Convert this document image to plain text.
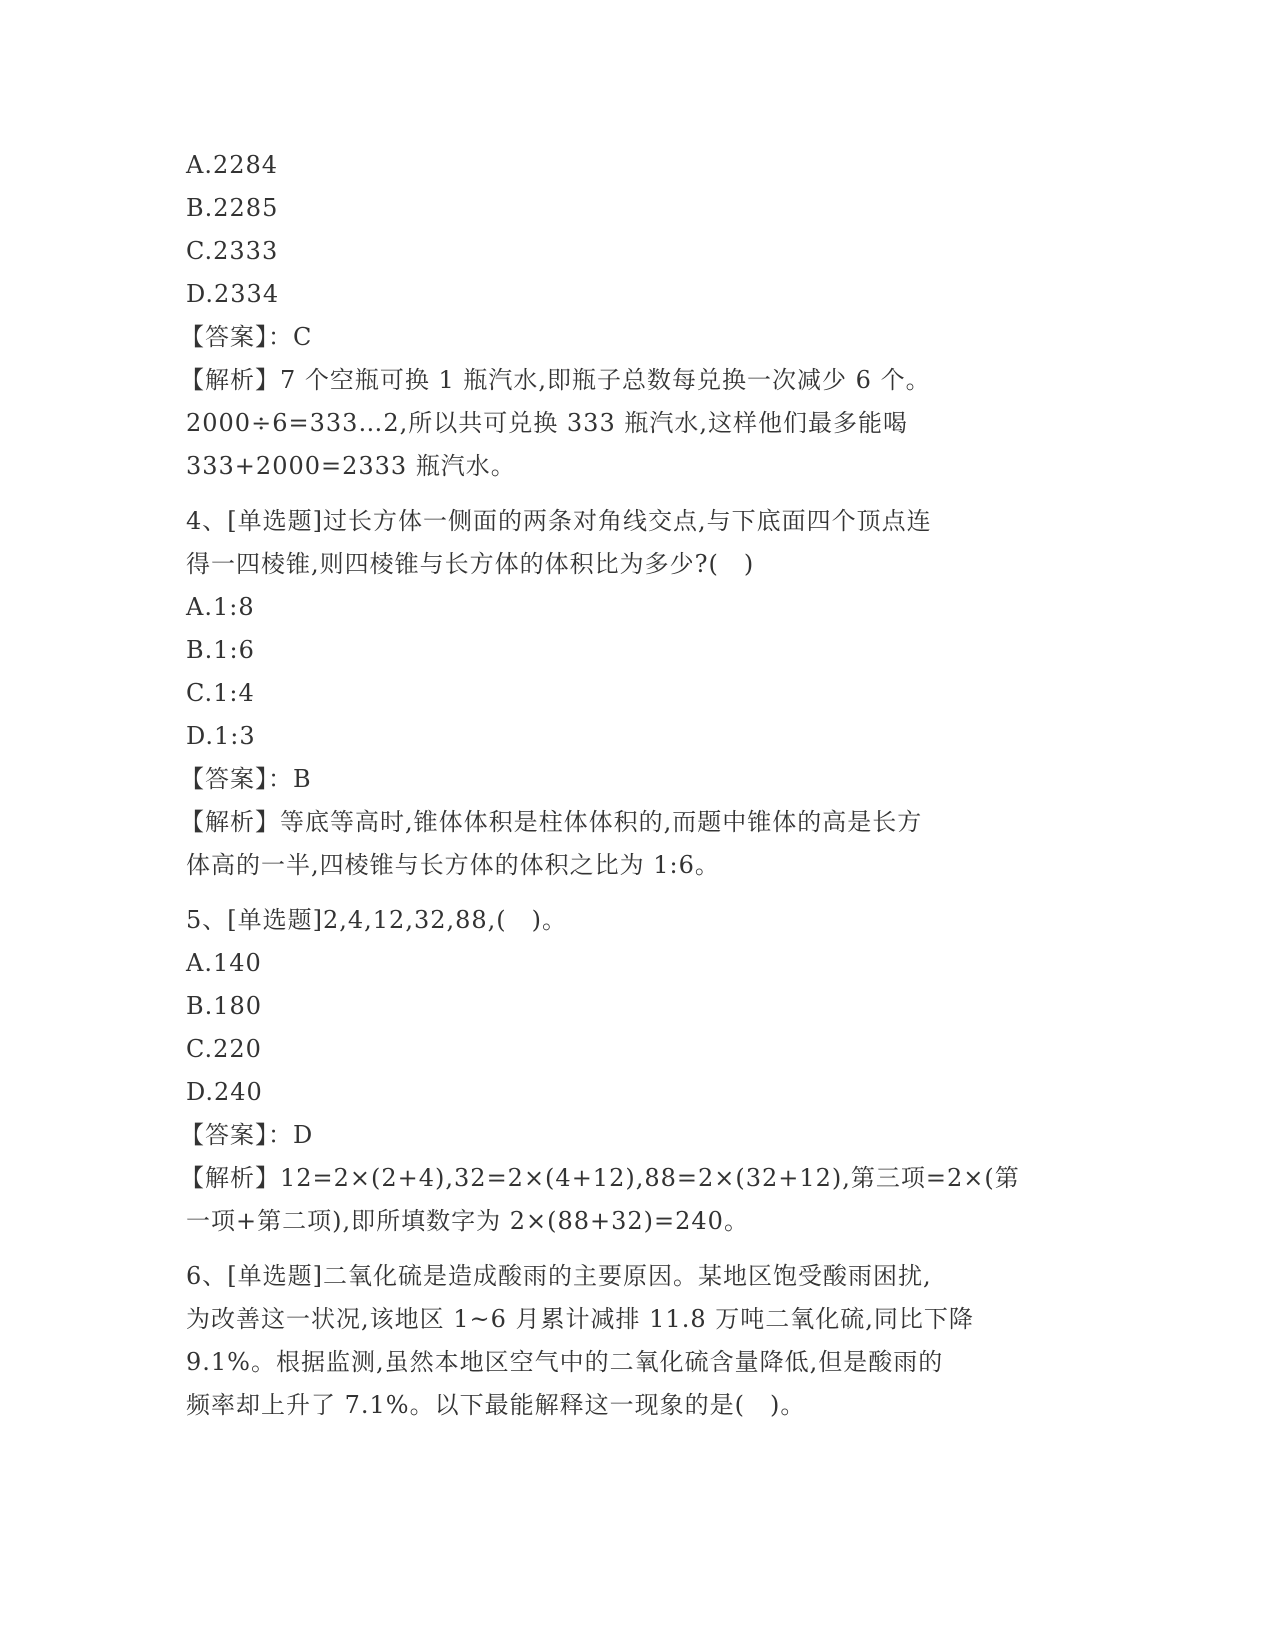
A.2284
B.2285
C.2333
D.2334
【答案】：C
【解析】7 个空瓶可换 1 瓶汽水,即瓶子总数每兑换一次减少 6 个。
2000÷6=333…2,所以共可兑换 333 瓶汽水,这样他们最多能喝
333+2000=2333 瓶汽水。
4、[单选题]过长方体一侧面的两条对角线交点,与下底面四个顶点连
得一四棱锥,则四棱锥与长方体的体积比为多少?(　)
A.1:8
B.1:6
C.1:4
D.1:3
【答案】：B
【解析】等底等高时,锥体体积是柱体体积的,而题中锥体的高是长方
体高的一半,四棱锥与长方体的体积之比为 1:6。
5、[单选题]2,4,12,32,88,(　)。
A.140
B.180
C.220
D.240
【答案】：D
【解析】12=2×(2+4),32=2×(4+12),88=2×(32+12),第三项=2×(第
一项+第二项),即所填数字为 2×(88+32)=240。
6、[单选题]二氧化硫是造成酸雨的主要原因。某地区饱受酸雨困扰,
为改善这一状况,该地区 1~6 月累计减排 11.8 万吨二氧化硫,同比下降
9.1%。根据监测,虽然本地区空气中的二氧化硫含量降低,但是酸雨的
频率却上升了 7.1%。以下最能解释这一现象的是(　)。
